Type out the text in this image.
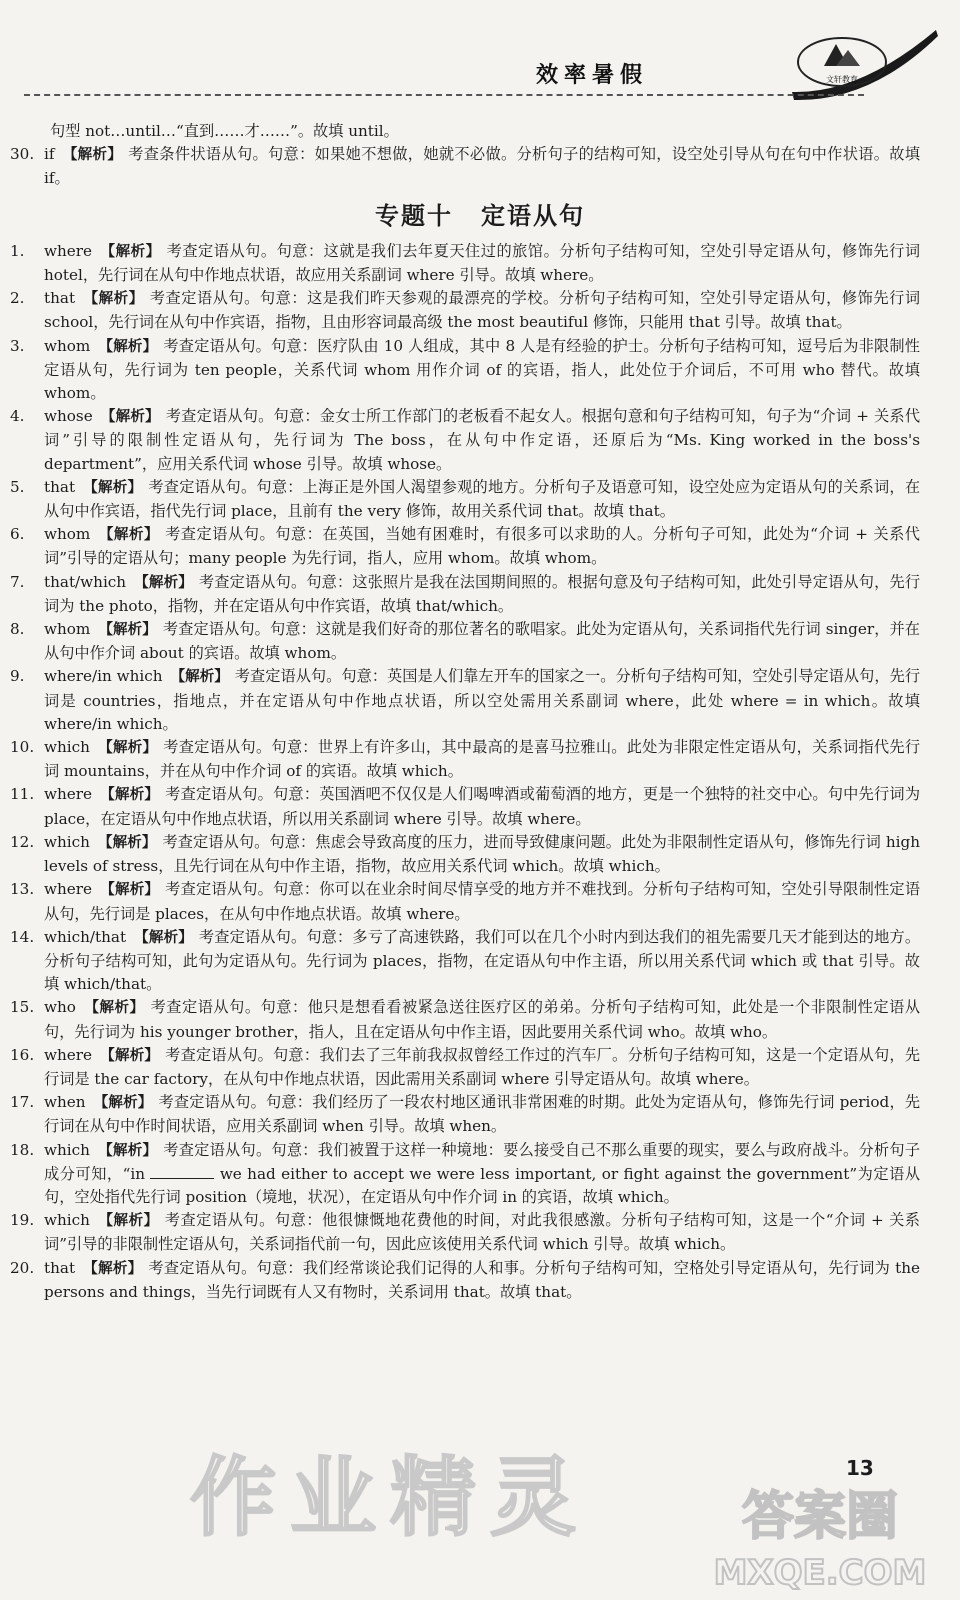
效率暑假	文轩教育
句型 not…until…“直到……才……”。故填 until。
30. if 【解析】 考查条件状语从句。句意：如果她不想做，她就不必做。分析句子的结构可知，设空处引导从句在句中作状语。故填 if。
专题十 定语从句
1.	where 【解析】 考查定语从句。句意：这就是我们去年夏天住过的旅馆。分析句子结构可知，空处引导定语从句，修饰先行词 hotel，先行词在从句中作地点状语，故应用关系副词 where 引导。故填 where。
2.	that 【解析】 考查定语从句。句意：这是我们昨天参观的最漂亮的学校。分析句子结构可知，空处引导定语从句，修饰先行词 school，先行词在从句中作宾语，指物，且由形容词最高级 the most beautiful 修饰，只能用 that 引导。故填 that。
3.	whom 【解析】 考查定语从句。句意：医疗队由 10 人组成，其中 8 人是有经验的护士。分析句子结构可知，逗号后为非限制性定语从句，先行词为 ten people，关系代词 whom 用作介词 of 的宾语，指人，此处位于介词后，不可用 who 替代。故填 whom。
4.	whose 【解析】 考查定语从句。句意：金女士所工作部门的老板看不起女人。根据句意和句子结构可知，句子为“介词 + 关系代词”引导的限制性定语从句，先行词为 The boss，在从句中作定语，还原后为“Ms. King worked in the boss's department”，应用关系代词 whose 引导。故填 whose。
5.	that 【解析】 考查定语从句。句意：上海正是外国人渴望参观的地方。分析句子及语意可知，设空处应为定语从句的关系词，在从句中作宾语，指代先行词 place，且前有 the very 修饰，故用关系代词 that。故填 that。
6.	whom 【解析】 考查定语从句。句意：在英国，当她有困难时，有很多可以求助的人。分析句子可知，此处为“介词 + 关系代词”引导的定语从句；many people 为先行词，指人，应用 whom。故填 whom。
7.	that/which 【解析】 考查定语从句。句意：这张照片是我在法国期间照的。根据句意及句子结构可知，此处引导定语从句，先行词为 the photo，指物，并在定语从句中作宾语，故填 that/which。
8.	whom 【解析】 考查定语从句。句意：这就是我们好奇的那位著名的歌唱家。此处为定语从句，关系词指代先行词 singer，并在从句中作介词 about 的宾语。故填 whom。
9.	where/in which 【解析】 考查定语从句。句意：英国是人们靠左开车的国家之一。分析句子结构可知，空处引导定语从句，先行词是 countries，指地点，并在定语从句中作地点状语，所以空处需用关系副词 where，此处 where = in which。故填 where/in which。
10. which 【解析】 考查定语从句。句意：世界上有许多山，其中最高的是喜马拉雅山。此处为非限定性定语从句，关系词指代先行词 mountains，并在从句中作介词 of 的宾语。故填 which。
11. where 【解析】 考查定语从句。句意：英国酒吧不仅仅是人们喝啤酒或葡萄酒的地方，更是一个独特的社交中心。句中先行词为 place，在定语从句中作地点状语，所以用关系副词 where 引导。故填 where。
12. which 【解析】 考查定语从句。句意：焦虑会导致高度的压力，进而导致健康问题。此处为非限制性定语从句，修饰先行词 high levels of stress，且先行词在从句中作主语，指物，故应用关系代词 which。故填 which。
13. where 【解析】 考查定语从句。句意：你可以在业余时间尽情享受的地方并不难找到。分析句子结构可知，空处引导限制性定语从句，先行词是 places，在从句中作地点状语。故填 where。
14. which/that 【解析】 考查定语从句。句意：多亏了高速铁路，我们可以在几个小时内到达我们的祖先需要几天才能到达的地方。分析句子结构可知，此句为定语从句。先行词为 places，指物，在定语从句中作主语，所以用关系代词 which 或 that 引导。故填 which/that。
15. who 【解析】 考查定语从句。句意：他只是想看看被紧急送往医疗区的弟弟。分析句子结构可知，此处是一个非限制性定语从句，先行词为 his younger brother，指人，且在定语从句中作主语，因此要用关系代词 who。故填 who。
16. where 【解析】 考查定语从句。句意：我们去了三年前我叔叔曾经工作过的汽车厂。分析句子结构可知，这是一个定语从句，先行词是 the car factory，在从句中作地点状语，因此需用关系副词 where 引导定语从句。故填 where。
17. when 【解析】 考查定语从句。句意：我们经历了一段农村地区通讯非常困难的时期。此处为定语从句，修饰先行词 period，先行词在从句中作时间状语，应用关系副词 when 引导。故填 when。
18. which 【解析】 考查定语从句。句意：我们被置于这样一种境地：要么接受自己不那么重要的现实，要么与政府战斗。分析句子成分可知，“in	we had either to accept we were less important, or fight against the government”为定语从句，空处指代先行词 position（境地，状况），在定语从句中作介词 in 的宾语，故填 which。
19. which 【解析】 考查定语从句。句意：他很慷慨地花费他的时间，对此我很感激。分析句子结构可知，这是一个“介词 + 关系词”引导的非限制性定语从句，关系词指代前一句，因此应该使用关系代词 which 引导。故填 which。
20. that 【解析】 考查定语从句。句意：我们经常谈论我们记得的人和事。分析句子结构可知，空格处引导定语从句，先行词为 the persons and things，当先行词既有人又有物时，关系词用 that。故填 that。
13
作业精灵	答案圈
MXQE.COM
